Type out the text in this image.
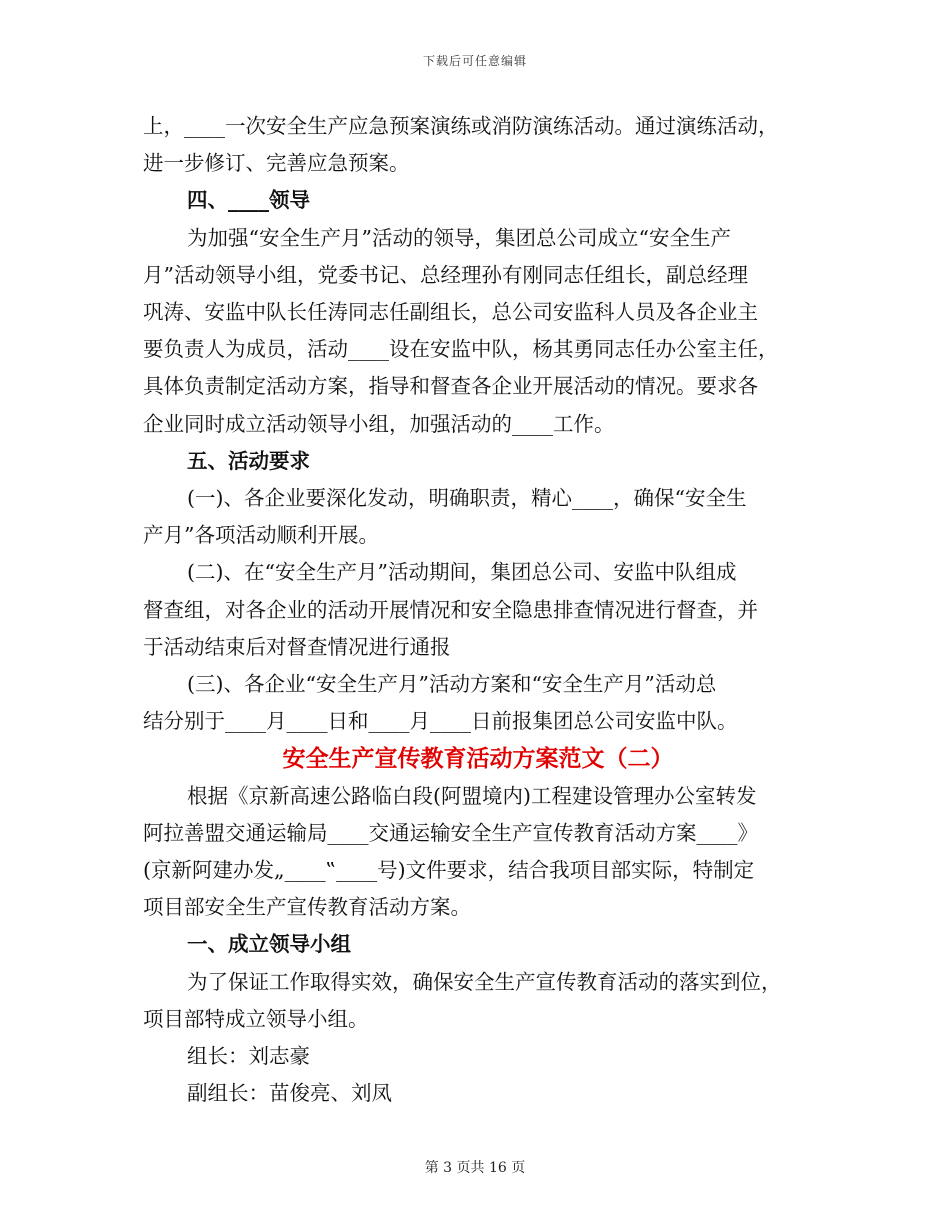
下载后可任意编辑

上，____一次安全生产应急预案演练或消防演练活动。通过演练活动，

进一步修订、完善应急预案。

四、____领导

为加强“安全生产月”活动的领导，集团总公司成立“安全生产

月”活动领导小组，党委书记、总经理孙有刚同志任组长，副总经理

巩涛、安监中队长任涛同志任副组长，总公司安监科人员及各企业主

要负责人为成员，活动____设在安监中队，杨其勇同志任办公室主任，

具体负责制定活动方案，指导和督查各企业开展活动的情况。要求各

企业同时成立活动领导小组，加强活动的____工作。

五、活动要求

(一)、各企业要深化发动，明确职责，精心____，确保“安全生

产月”各项活动顺利开展。

(二)、在“安全生产月”活动期间，集团总公司、安监中队组成

督查组，对各企业的活动开展情况和安全隐患排查情况进行督查，并

于活动结束后对督查情况进行通报

(三)、各企业“安全生产月”活动方案和“安全生产月”活动总

结分别于____月____日和____月____日前报集团总公司安监中队。

安全生产宣传教育活动方案范文（二）

根据《京新高速公路临白段(阿盟境内)工程建设管理办公室转发

阿拉善盟交通运输局____交通运输安全生产宣传教育活动方案____》

(京新阿建办发„____‟____号)文件要求，结合我项目部实际，特制定

项目部安全生产宣传教育活动方案。

一、成立领导小组

为了保证工作取得实效，确保安全生产宣传教育活动的落实到位，

项目部特成立领导小组。

组长：刘志豪

副组长：苗俊亮、刘凤

第 3 页共 16 页
